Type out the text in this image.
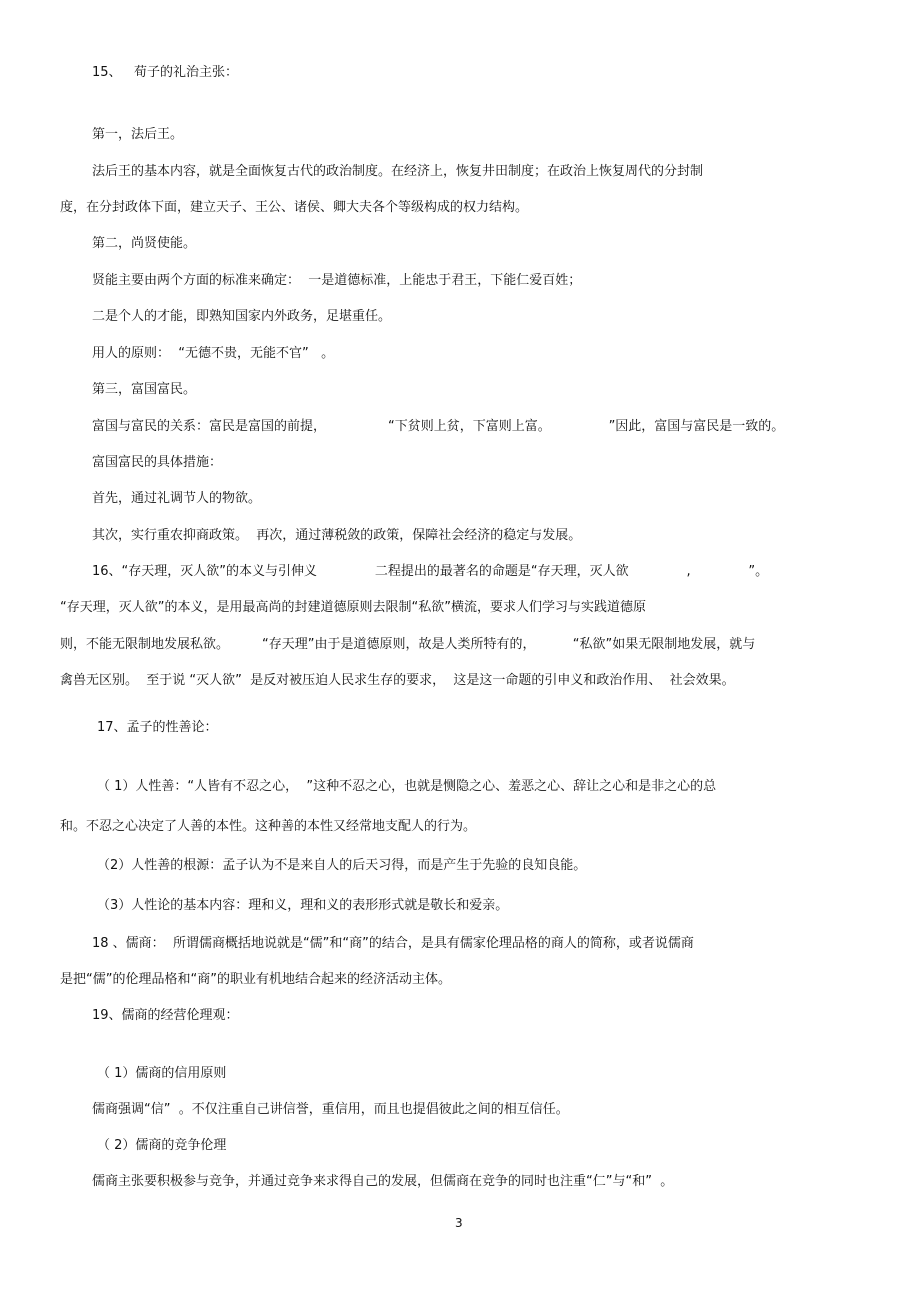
15、   荀子的礼治主张：
第一，法后王。
法后王的基本内容，就是全面恢复古代的政治制度。在经济上，恢复井田制度；在政治上恢复周代的分封制
度，在分封政体下面，建立天子、王公、诸侯、卿大夫各个等级构成的权力结构。
第二，尚贤使能。
贤能主要由两个方面的标准来确定：  一是道德标准，上能忠于君王，下能仁爱百姓；
二是个人的才能，即熟知国家内外政务，足堪重任。
用人的原则：  “无德不贵，无能不官”   。
第三，富国富民。
富国与富民的关系：富民是富国的前提，               “下贫则上贫，下富则上富。              ”因此，富国与富民是一致的。
富国富民的具体措施：
首先，通过礼调节人的物欲。
其次，实行重农抑商政策。  再次，通过薄税敛的政策，保障社会经济的稳定与发展。
16、“存天理，灭人欲”的本义与引伸义              二程提出的最著名的命题是“存天理，灭人欲              ,              ”。
“存天理，灭人欲”的本义，是用最高尚的封建道德原则去限制“私欲”横流，要求人们学习与实践道德原
则，不能无限制地发展私欲。        “存天理”由于是道德原则，故是人类所特有的，         “私欲”如果无限制地发展，就与
禽兽无区别。  至于说 “灭人欲”  是反对被压迫人民求生存的要求，  这是这一命题的引申义和政治作用、  社会效果。
17、孟子的性善论：
（ 1）人性善：“人皆有不忍之心，  ”这种不忍之心，也就是恻隐之心、羞恶之心、辞让之心和是非之心的总
和。不忍之心决定了人善的本性。这种善的本性又经常地支配人的行为。
（2）人性善的根源：孟子认为不是来自人的后天习得，而是产生于先验的良知良能。
（3）人性论的基本内容：理和义，理和义的表形形式就是敬长和爱亲。
18 、儒商：  所谓儒商概括地说就是“儒”和“商”的结合，是具有儒家伦理品格的商人的简称，或者说儒商
是把“儒”的伦理品格和“商”的职业有机地结合起来的经济活动主体。
19、儒商的经营伦理观：
（ 1）儒商的信用原则
儒商强调“信”  。不仅注重自己讲信誉，重信用，而且也提倡彼此之间的相互信任。
（ 2）儒商的竞争伦理
儒商主张要积极参与竞争，并通过竞争来求得自己的发展，但儒商在竞争的同时也注重“仁”与“和”  。
3
